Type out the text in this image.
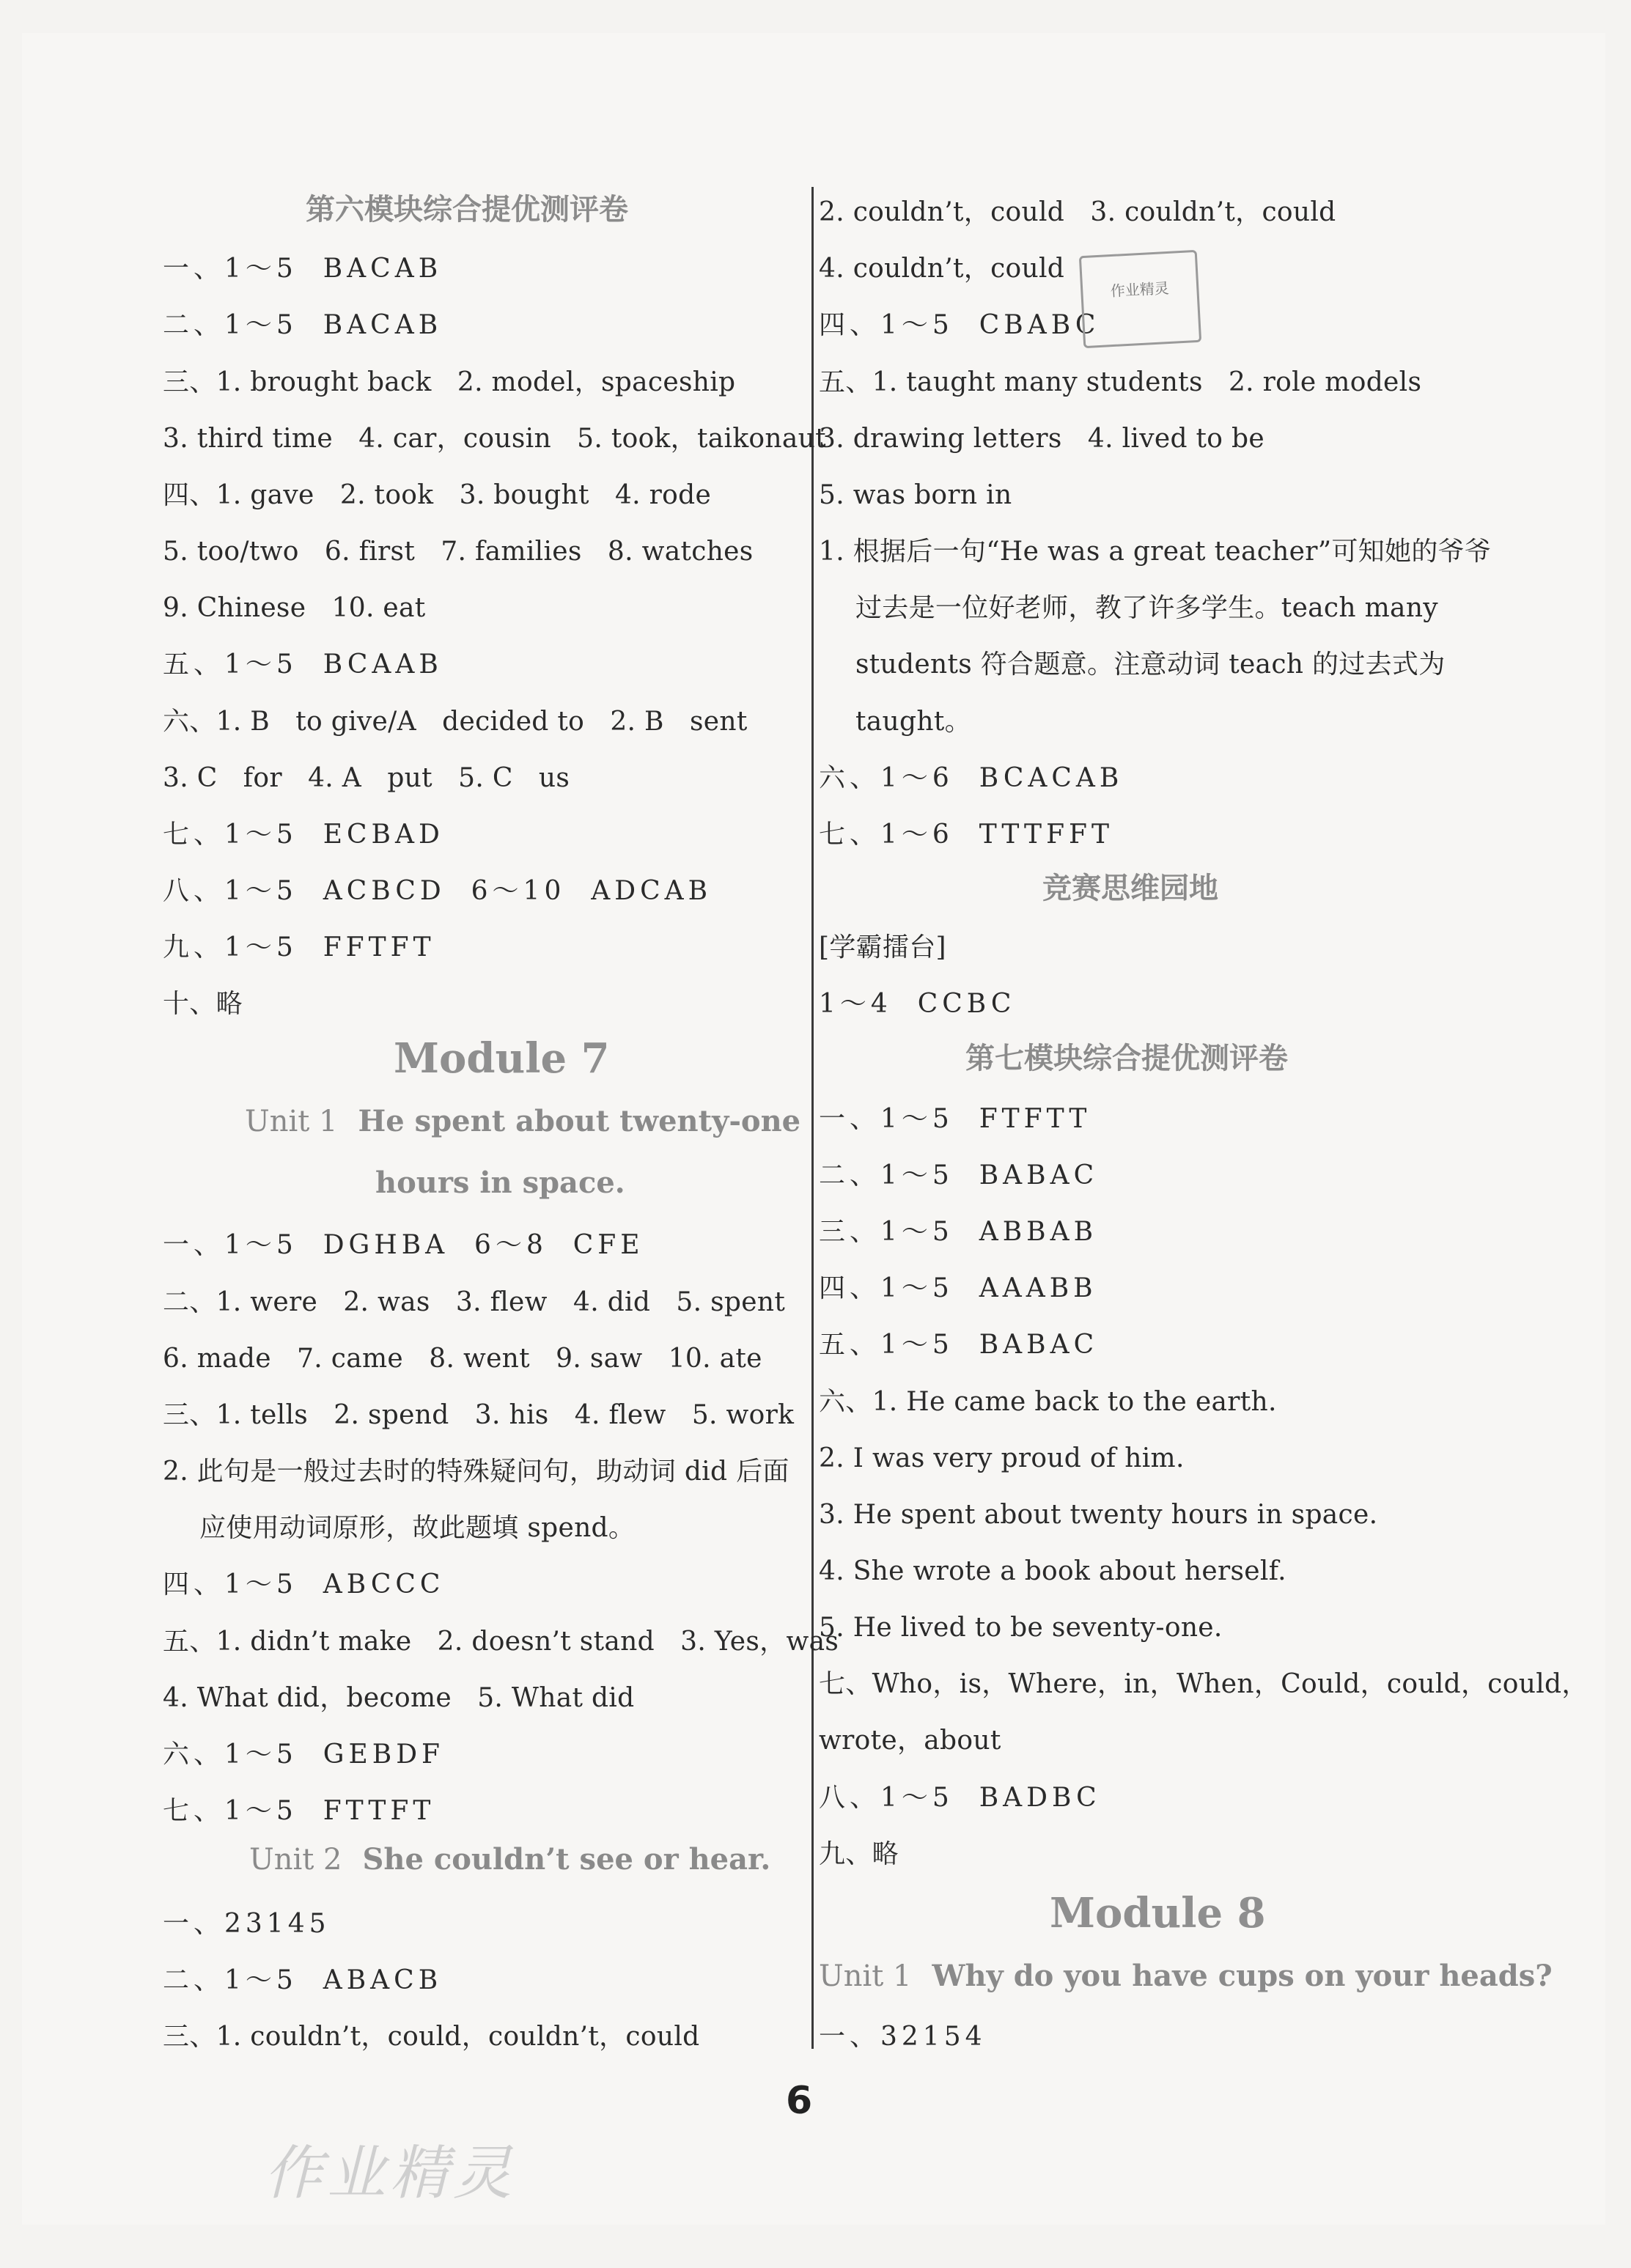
第六模块综合提优测评卷
一、1～5  BACAB
二、1～5  BACAB
三、1. brought back   2. model，spaceship
3. third time   4. car，cousin   5. took，taikonaut
四、1. gave   2. took   3. bought   4. rode
5. too/two   6. first   7. families   8. watches
9. Chinese   10. eat
五、1～5  BCAAB
六、1. B   to give/A   decided to   2. B   sent
3. C   for   4. A   put   5. C   us
七、1～5  ECBAD
八、1～5  ACBCD  6～10  ADCAB
九、1～5  FFTFT
十、略
Module 7
Unit 1 He spent about twenty-one
hours in space.
一、1～5  DGHBA  6～8  CFE
二、1. were   2. was   3. flew   4. did   5. spent
6. made   7. came   8. went   9. saw   10. ate
三、1. tells   2. spend   3. his   4. flew   5. work
2. 此句是一般过去时的特殊疑问句，助动词 did 后面
应使用动词原形，故此题填 spend。
四、1～5  ABCCC
五、1. didn’t make   2. doesn’t stand   3. Yes，was
4. What did，become   5. What did
六、1～5  GEBDF
七、1～5  FTTFT
Unit 2 She couldn’t see or hear.
一、23145
二、1～5  ABACB
三、1. couldn’t，could，couldn’t，could
2. couldn’t，could   3. couldn’t，could
4. couldn’t，could
四、1～5  CBABC
五、1. taught many students   2. role models
3. drawing letters   4. lived to be
5. was born in
1. 根据后一句“He was a great teacher”可知她的爷爷
过去是一位好老师，教了许多学生。teach many
students 符合题意。注意动词 teach 的过去式为
taught。
六、1～6  BCACAB
七、1～6  TTTFFT
竞赛思维园地
[学霸擂台]
1～4  CCBC
第七模块综合提优测评卷
一、1～5  FTFTT
二、1～5  BABAC
三、1～5  ABBAB
四、1～5  AAABB
五、1～5  BABAC
六、1. He came back to the earth.
2. I was very proud of him.
3. He spent about twenty hours in space.
4. She wrote a book about herself.
5. He lived to be seventy-one.
七、Who，is，Where，in，When，Could，could，could，
wrote，about
八、1～5  BADBC
九、略
Module 8
Unit 1 Why do you have cups on your heads?
一、32154
作业精灵
作业精灵
6
